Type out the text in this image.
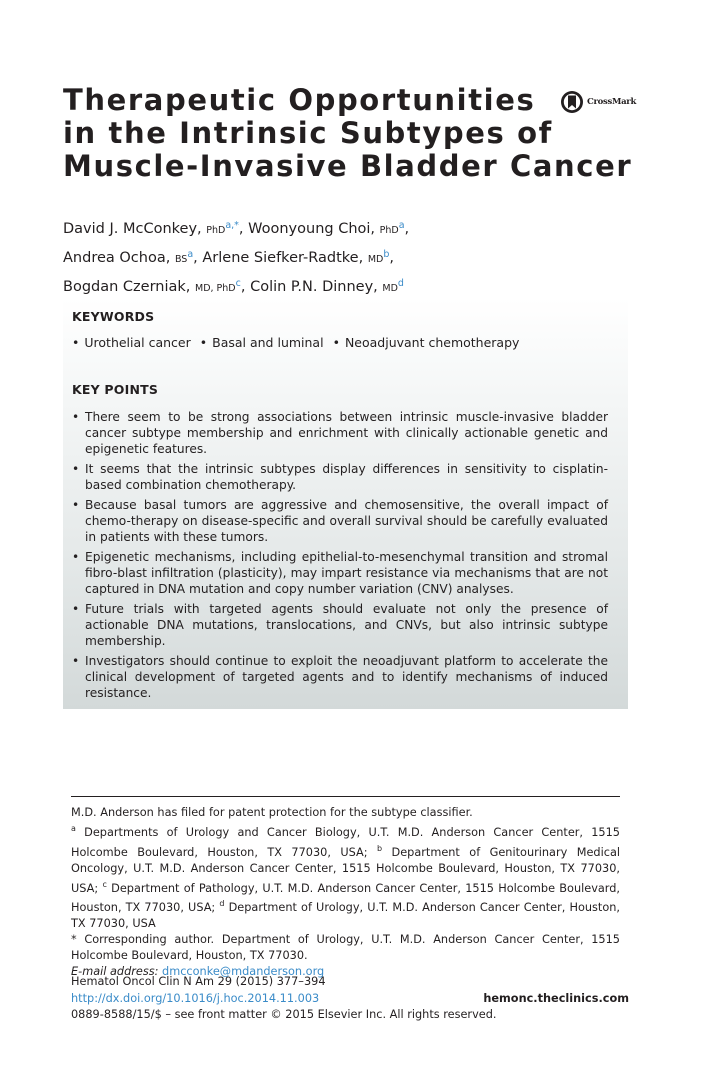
Therapeutic Opportunities
in the Intrinsic Subtypes of
Muscle-Invasive Bladder Cancer
CrossMark
David J. McConkey, PhD$^{a,*}$, Woonyoung Choi, PhD$^a$,
Andrea Ochoa, BS$^a$, Arlene Siefker-Radtke, MD$^b$,
Bogdan Czerniak, MD, PhD$^c$, Colin P.N. Dinney, MD$^d$
KEYWORDS

• Urothelial cancer • Basal and luminal • Neoadjuvant chemotherapy

KEY POINTS
• There seem to be strong associations between intrinsic muscle-invasive bladder cancer subtype membership and enrichment with clinically actionable genetic and epigenetic features.
• It seems that the intrinsic subtypes display differences in sensitivity to cisplatin-based combination chemotherapy.
• Because basal tumors are aggressive and chemosensitive, the overall impact of chemo-therapy on disease-specific and overall survival should be carefully evaluated in patients with these tumors.
• Epigenetic mechanisms, including epithelial-to-mesenchymal transition and stromal fibro-blast infiltration (plasticity), may impart resistance via mechanisms that are not captured in DNA mutation and copy number variation (CNV) analyses.
• Future trials with targeted agents should evaluate not only the presence of actionable DNA mutations, translocations, and CNVs, but also intrinsic subtype membership.
• Investigators should continue to exploit the neoadjuvant platform to accelerate the clinical development of targeted agents and to identify mechanisms of induced resistance.

M.D. Anderson has filed for patent protection for the subtype classifier.

$^a$ Departments of Urology and Cancer Biology, U.T. M.D. Anderson Cancer Center, 1515 Holcombe Boulevard, Houston, TX 77030, USA; $^b$ Department of Genitourinary Medical Oncology, U.T. M.D. Anderson Cancer Center, 1515 Holcombe Boulevard, Houston, TX 77030, USA; $^c$ Department of Pathology, U.T. M.D. Anderson Cancer Center, 1515 Holcombe Boulevard, Houston, TX 77030, USA; $^d$ Department of Urology, U.T. M.D. Anderson Cancer Center, Houston, TX 77030, USA

* Corresponding author. Department of Urology, U.T. M.D. Anderson Cancer Center, 1515 Holcombe Boulevard, Houston, TX 77030.

E-mail address: dmcconke@mdanderson.org

Hematol Oncol Clin N Am 29 (2015) 377–394
http://dx.doi.org/10.1016/j.hoc.2014.11.003	hemonc.theclinics.com
0889-8588/15/$ – see front matter © 2015 Elsevier Inc. All rights reserved.
